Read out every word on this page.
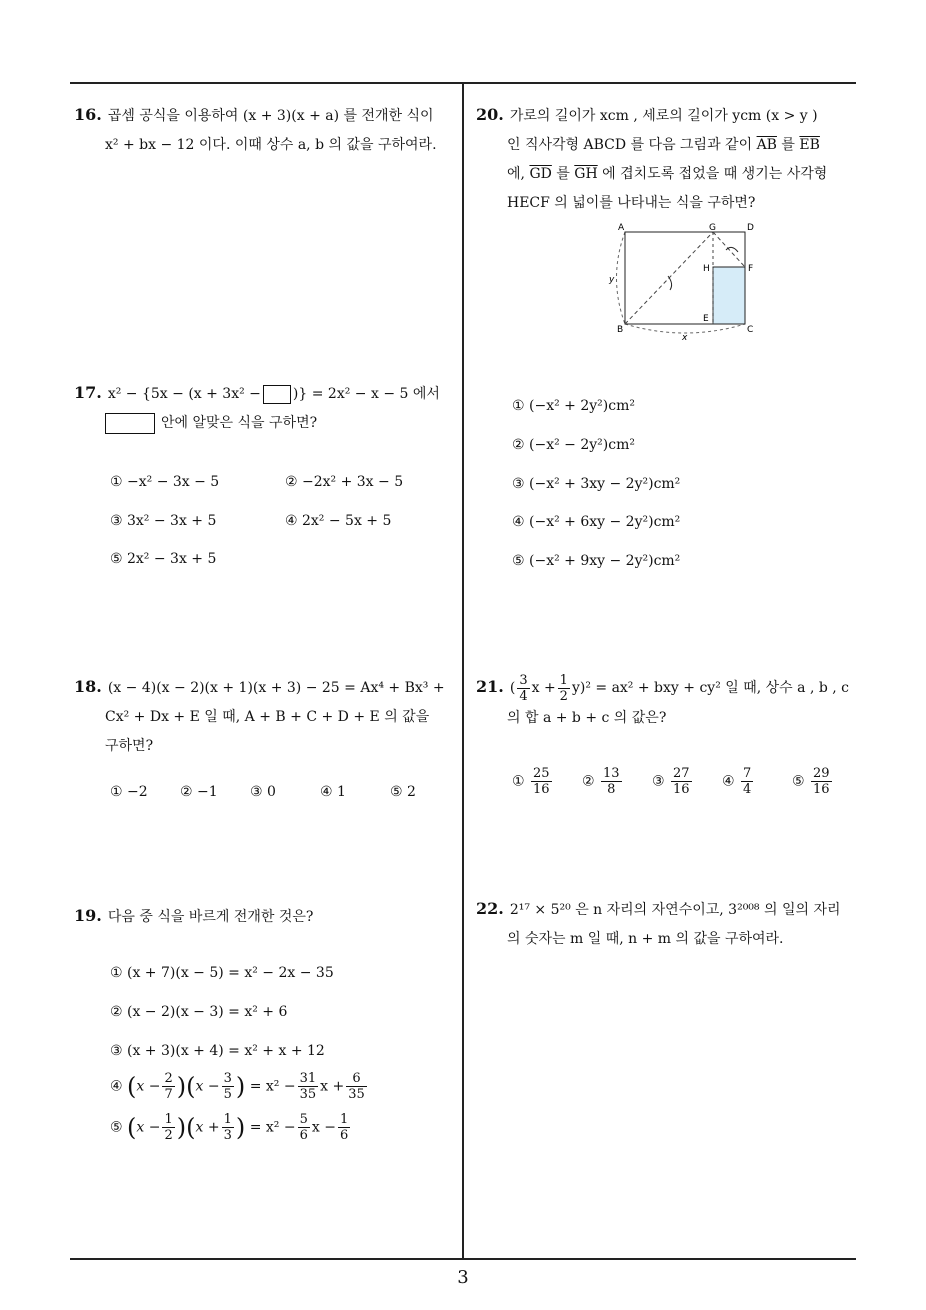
16. 곱셈 공식을 이용하여 (x + 3)(x + a) 를 전개한 식이
x² + bx − 12 이다. 이때 상수 a, b 의 값을 구하여라.
17. x² − {5x − (x + 3x² − )} = 2x² − x − 5 에서
안에 알맞은 식을 구하면?
① −x² − 3x − 5	② −2x² + 3x − 5
③ 3x² − 3x + 5	④ 2x² − 5x + 5
⑤ 2x² − 3x + 5
18. (x − 4)(x − 2)(x + 1)(x + 3) − 25 = Ax⁴ + Bx³ +
Cx² + Dx + E 일 때, A + B + C + D + E 의 값을
구하면?
① −2 ② −1 ③ 0	④ 1	⑤ 2
19. 다음 중 식을 바르게 전개한 것은?
① (x + 7)(x − 5) = x² − 2x − 35
② (x − 2)(x − 3) = x² + 6
③ (x + 3)(x + 4) = x² + x + 12
④ $(x - \frac{2}{7} )(x - \frac{3}{5}$ ) = $x^2 - \frac{31}{35}$ $x + \frac{6}{35}$
⑤ $(x - \frac{1}{2} )(x + \frac{1}{3}$ ) = $x^2 - \frac{5}{6}$ $x - \frac{1}{6}$
20. 가로의 길이가 xcm , 세로의 길이가 ycm (x > y )
인 직사각형 ABCD 를 다음 그림과 같이 $\overline{AB}$ 를 $\overline{EB}$
에, $\overline{GD}$ 를 $\overline{GH}$ 에 겹치도록 접었을 때 생기는 사각형
HECF 의 넓이를 나타내는 식을 구하면?
A	G	D
H	F
E
B	C
y
x
① (−x² + 2y²)cm²
② (−x² − 2y²)cm²
③ (−x² + 3xy − 2y²)cm²
④ (−x² + 6xy − 2y²)cm²
⑤ (−x² + 9xy − 2y²)cm²
21. ( $\frac{3}{4}$ $x + \frac{1}{2} y)^2 = ax^2$ + bxy + cy² 일 때, 상수 a , b , c
의 합 a + b + c 의 값은?
① $\frac{25}{16}$ ② $\frac{13}{8}$ ③ $\frac{27}{16}$ ④ $\frac{7}{4}$	⑤ $\frac{29}{16}$
22. 2¹⁷ × 5²⁰ 은 n 자리의 자연수이고, 3²⁰⁰⁸ 의 일의 자리
의 숫자는 m 일 때, n + m 의 값을 구하여라.
3
